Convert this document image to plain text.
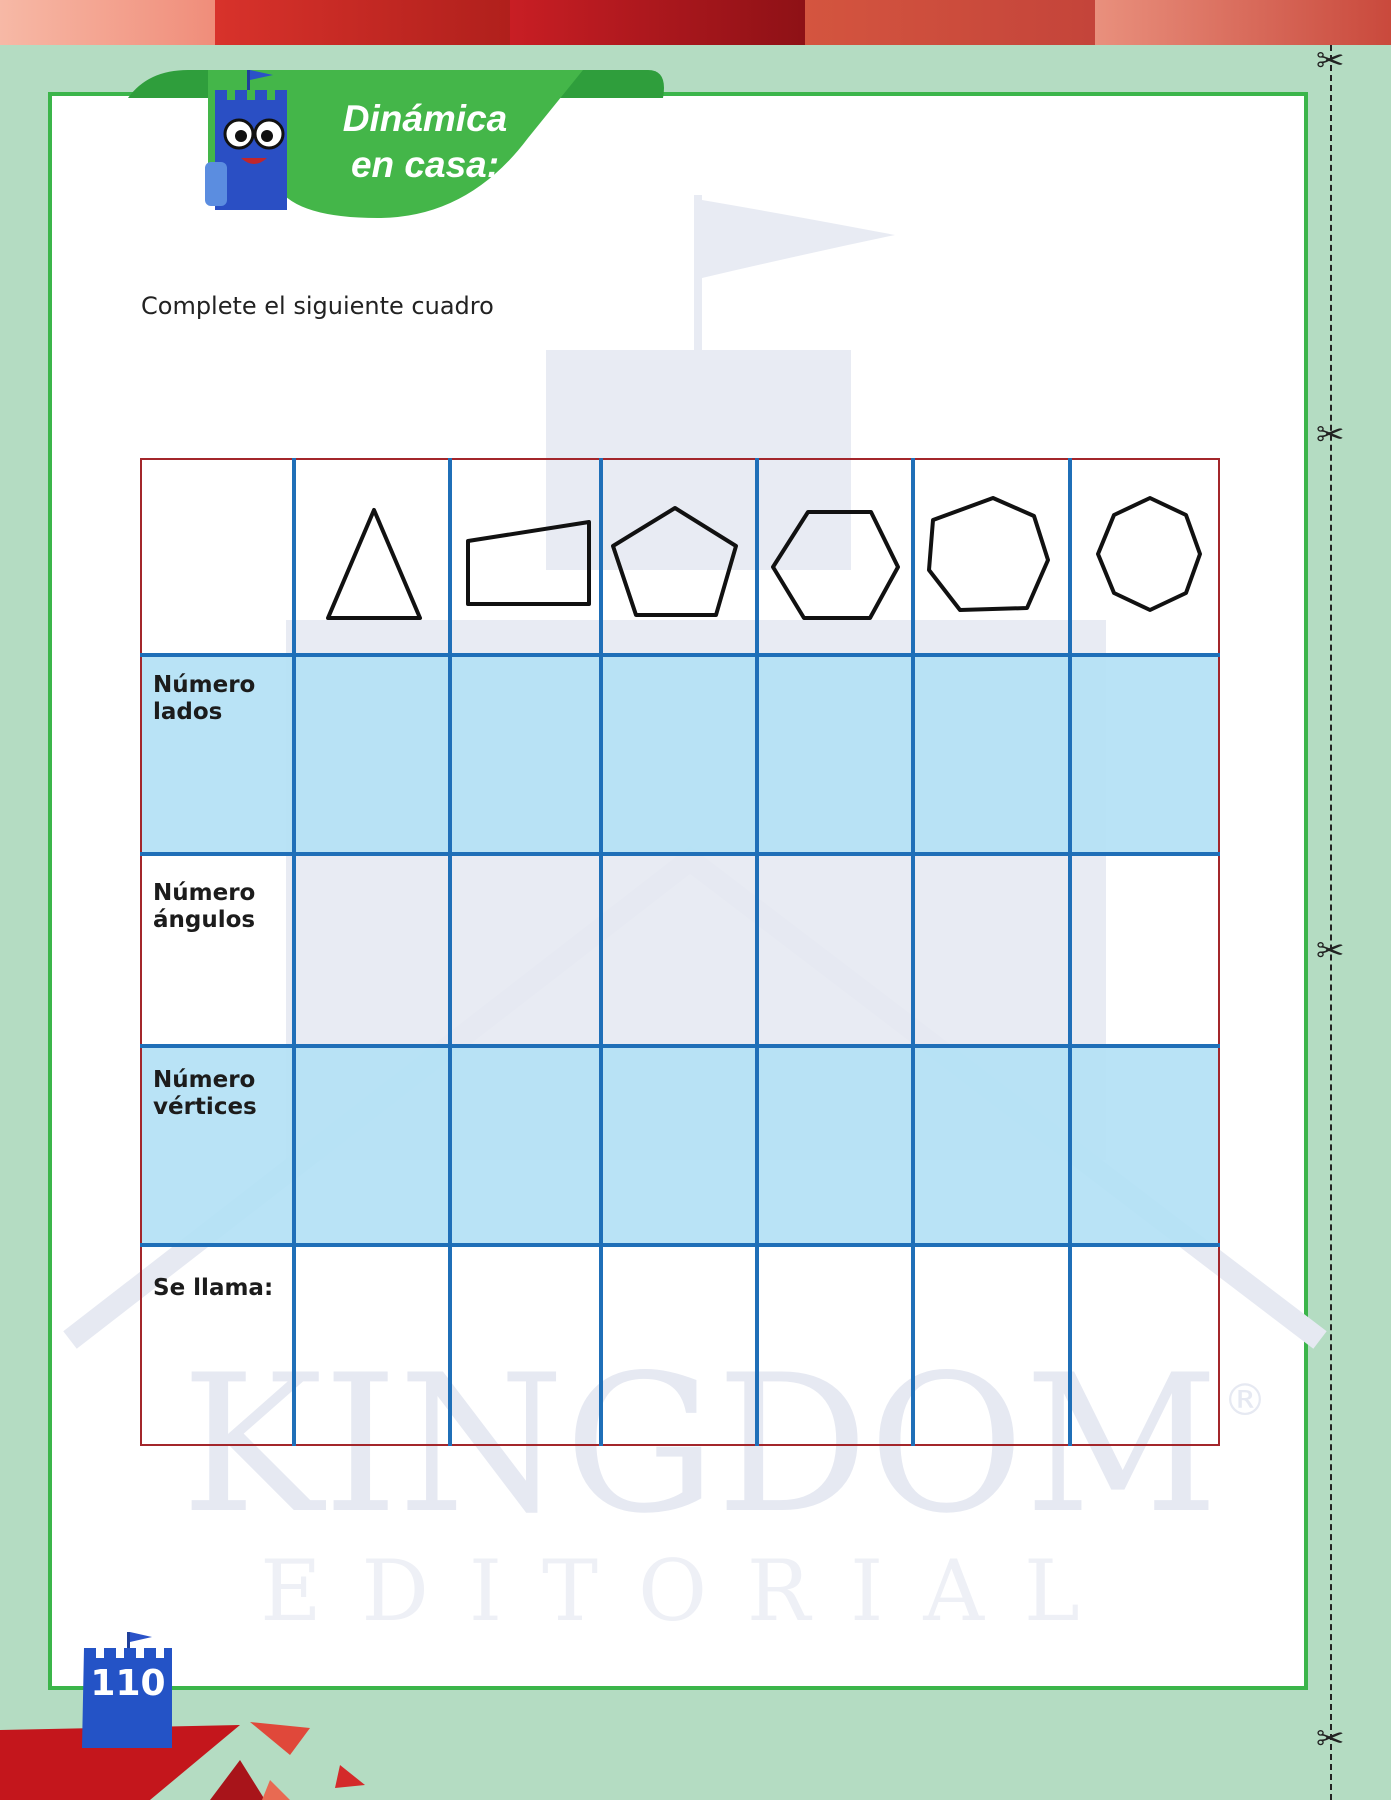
KINGDOM
EDITORIAL
®
Dinámica
en casa:
Complete el siguiente cuadro
Número
lados
Número
ángulos
Número
vértices
Se llama:
✂
✂
✂
✂
110
